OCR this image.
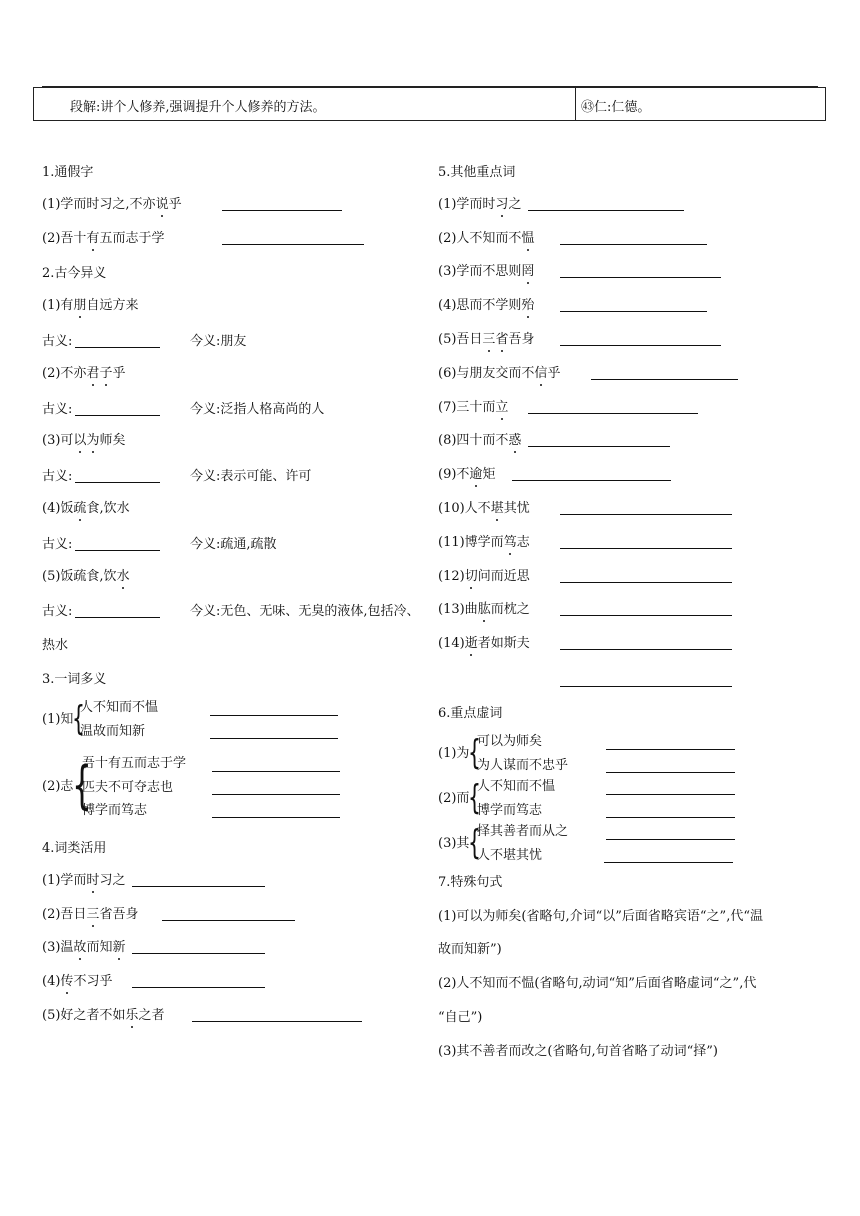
段解:讲个人修养,强调提升个人修养的方法。	㊸仁:仁德。
1.通假字
(1)学而时习之,不亦说乎
(2)吾十有五而志于学
2.古今异义
(1)有朋自远方来
古义:	今义:朋友
(2)不亦君子乎
古义:	今义:泛指人格高尚的人
(3)可以为师矣
古义:	今义:表示可能、许可
(4)饭疏食,饮水
古义:	今义:疏通,疏散
(5)饭疏食,饮水
古义:	今义:无色、无味、无臭的液体,包括冷、
热水
3.一词多义
(1)知
{
人不知而不愠
温故而知新
(2)志
{
吾十有五而志于学
匹夫不可夺志也
博学而笃志
4.词类活用
(1)学而时习之
(2)吾日三省吾身
(3)温故而知新
(4)传不习乎
(5)好之者不如乐之者
5.其他重点词
(1)学而时习之
(2)人不知而不愠
(3)学而不思则罔
(4)思而不学则殆
(5)吾日三省吾身
(6)与朋友交而不信乎
(7)三十而立
(8)四十而不惑
(9)不逾矩
(10)人不堪其忧
(11)博学而笃志
(12)切问而近思
(13)曲肱而枕之
(14)逝者如斯夫
6.重点虚词
(1)为
{
可以为师矣
为人谋而不忠乎
(2)而
{
人不知而不愠
博学而笃志
(3)其
{
择其善者而从之
人不堪其忧
7.特殊句式
(1)可以为师矣(省略句,介词“以”后面省略宾语“之”,代“温
故而知新”)
(2)人不知而不愠(省略句,动词“知”后面省略虚词“之”,代
“自己”)
(3)其不善者而改之(省略句,句首省略了动词“择”)
